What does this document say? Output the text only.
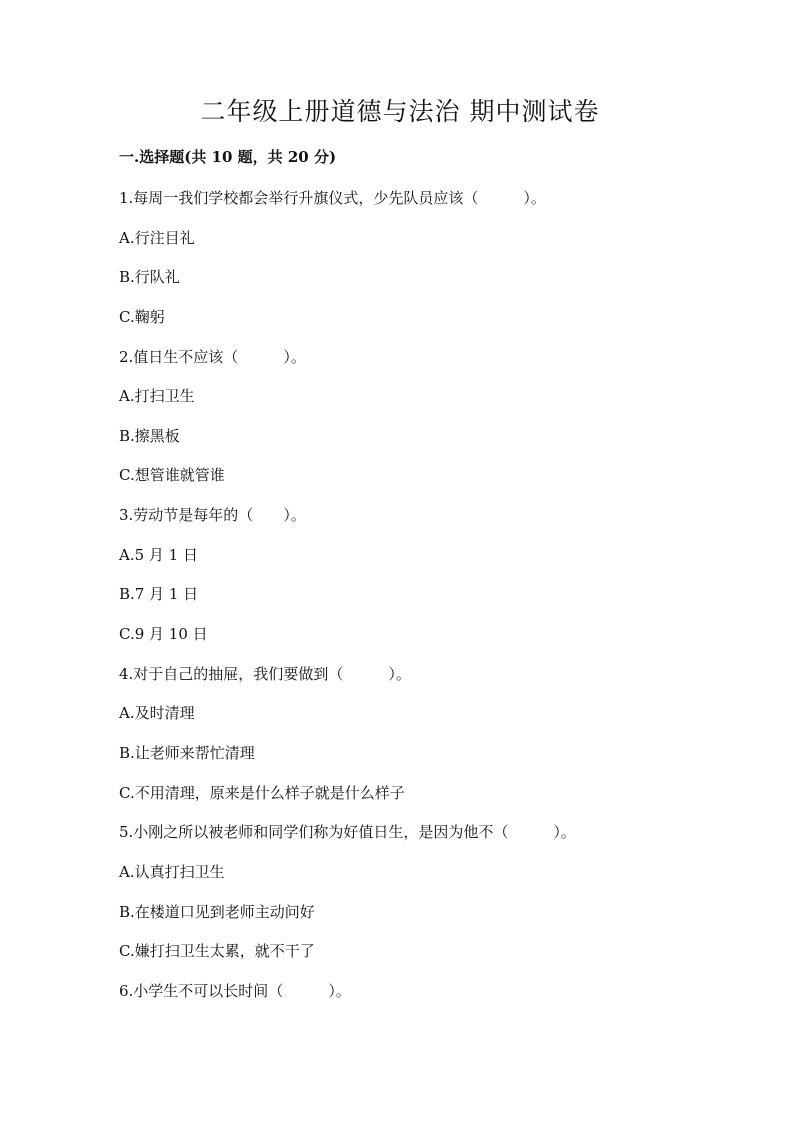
二年级上册道德与法治 期中测试卷
一.选择题(共 10 题，共 20 分)
1.每周一我们学校都会举行升旗仪式，少先队员应该（　　　）。
A.行注目礼
B.行队礼
C.鞠躬
2.值日生不应该（　　　）。
A.打扫卫生
B.擦黑板
C.想管谁就管谁
3.劳动节是每年的（　　）。
A.5 月 1 日
B.7 月 1 日
C.9 月 10 日
4.对于自己的抽屉，我们要做到（　　　）。
A.及时清理
B.让老师来帮忙清理
C.不用清理，原来是什么样子就是什么样子
5.小刚之所以被老师和同学们称为好值日生，是因为他不（　　　）。
A.认真打扫卫生
B.在楼道口见到老师主动问好
C.嫌打扫卫生太累，就不干了
6.小学生不可以长时间（　　　）。
